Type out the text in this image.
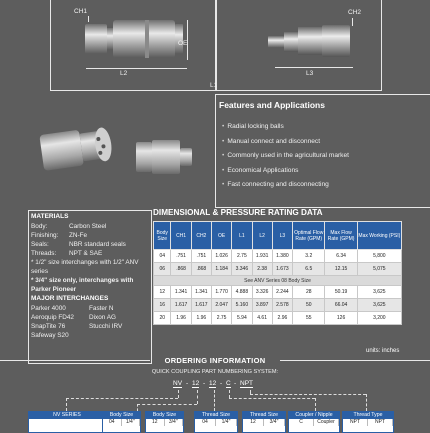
CH1
OE
L2
CH2
L3
L1
Features and Applications
• Radial locking balls
• Manual connect and disconnect
• Commonly used in the agricultural market
• Economical Applications
• Fast connecting and disconnecting
MATERIALS
Body:	Carbon Steel
Finishing: ZN-Fe
Seals:	NBR standard seals
Threads: NPT & SAE
* 1/2" size interchanges with 1/2" ANV
series
* 3/4" size only, interchanges with
Parker Pioneer
MAJOR INTERCHANGES
Parker 4000	Faster N
Aeroquip FD42 Dixon AG
SnapTite 76	Stucchi IRV
Safeway S20
DIMENSIONAL & PRESSURE RATING DATA
Body Size	CH1	CH2	OE	L1	L2	L3	Optimal Flow Rate (GPM)	Max Flow Rate (GPM)	Max Working (PSI)
04	.751	.751	1.026	2.75	1.931	1.380	3.2	6.34	5,800
06	.868	.868	1.184	3.346	2.38	1.673	6.5	12.15	5,075
See ANV Series 08 Body Size									
12	1.341	1.341	1.770	4.888	3.326	2.244	28	50.19	3,625
16	1.617	1.617	2.047	5.160	3.897	2.578	50	66.04	3,625
20	1.96	1.96	2.75	5.94	4.61	2.96	55	126	3,200
units: inches
ORDERING INFORMATION
QUICK COUPLING PART NUMBERING SYSTEM:
NV - 12 - 12 - C - NPT
NV SERIES	Body Size
04	1/4"
Body Size
12	3/4"
Thread Size
04	1/4"
Thread Size
12	3/4"
Coupler / Nipple
C	Coupler
Thread Type
NPT	NPT
